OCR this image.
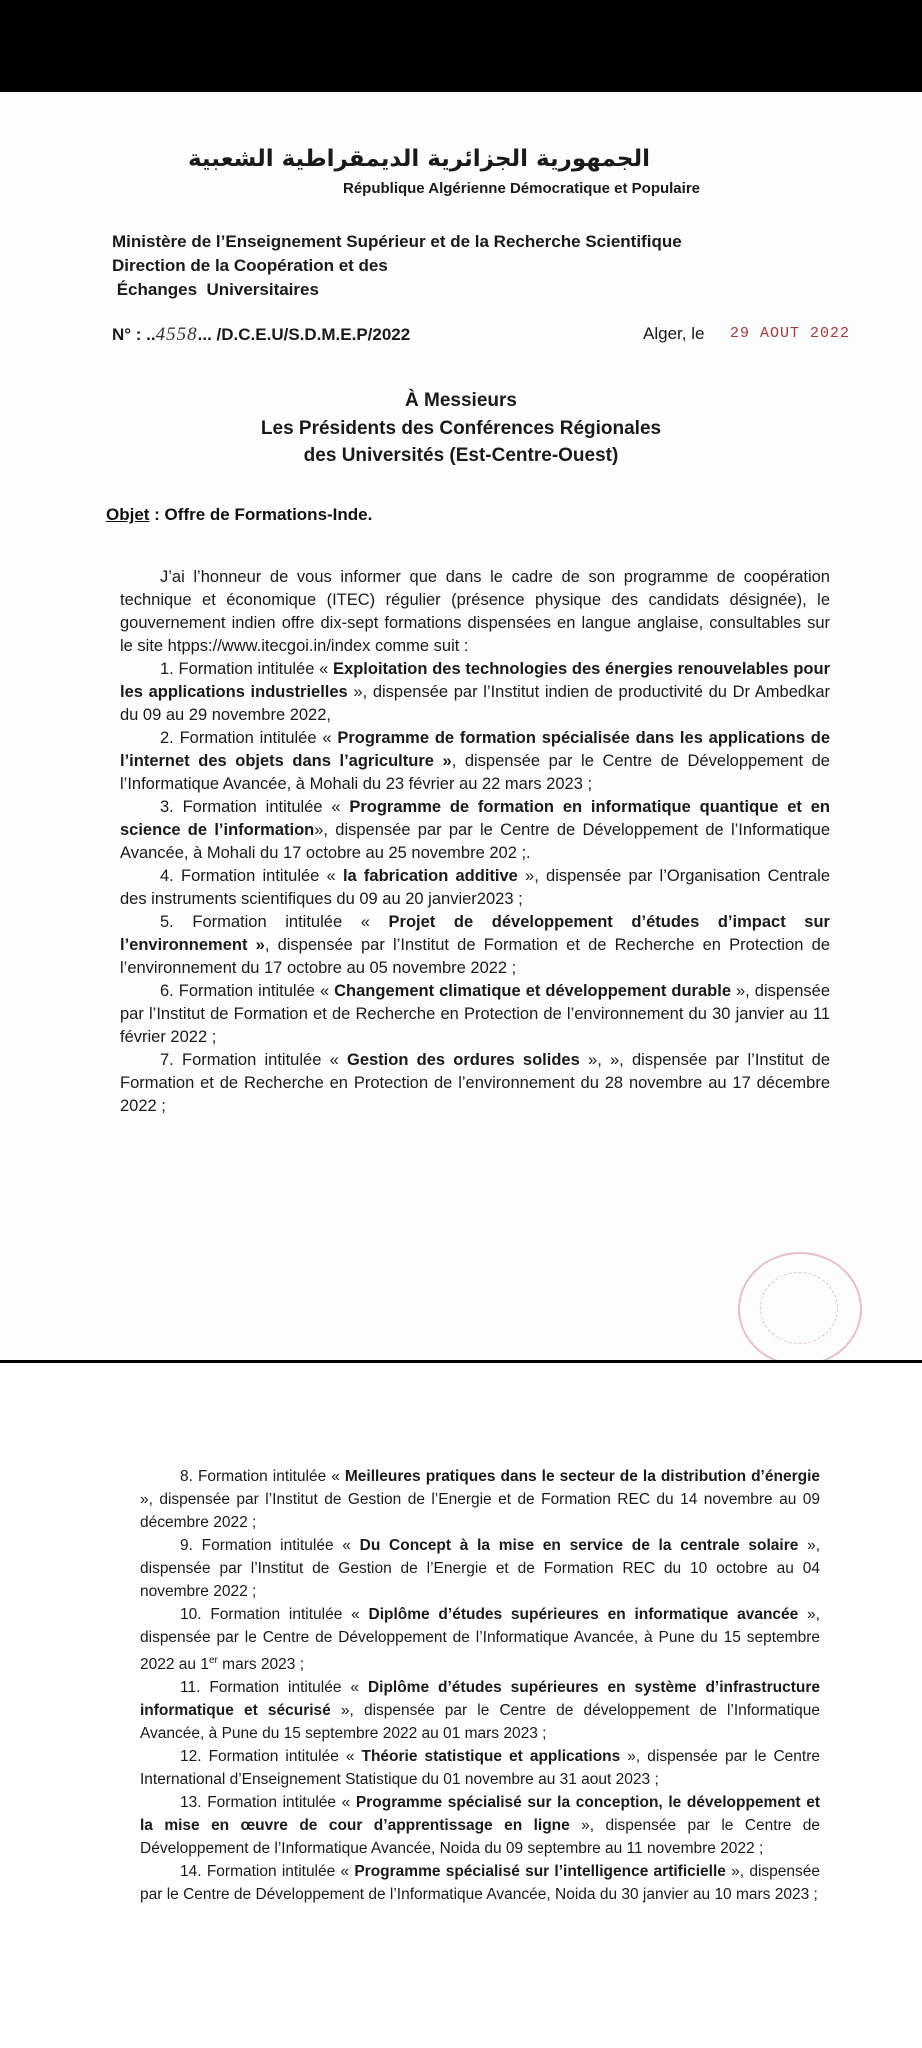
الجمهورية الجزائرية الديمقراطية الشعبية
République Algérienne Démocratique et Populaire
Ministère de l’Enseignement Supérieur et de la Recherche Scientifique
Direction de la Coopération et des
Échanges  Universitaires
N° : ..4558... /D.C.E.U/S.D.M.E.P/2022	Alger, le 29 AOUT 2022
À Messieurs
Les Présidents des Conférences Régionales
des Universités (Est-Centre-Ouest)
Objet : Offre de Formations-Inde.

J’ai l’honneur de vous informer que dans le cadre de son programme de coopération technique et économique (ITEC) régulier (présence physique des candidats désignée), le gouvernement indien offre dix-sept formations dispensées en langue anglaise, consultables sur le site htpps://www.itecgoi.in/index comme suit :

1. Formation intitulée « Exploitation des technologies des énergies renouvelables pour les applications industrielles », dispensée par l’Institut indien de productivité du Dr Ambedkar du 09 au 29 novembre 2022,

2. Formation intitulée « Programme de formation spécialisée dans les applications de l’internet des objets dans l’agriculture », dispensée par le Centre de Développement de l’Informatique Avancée, à Mohali du 23 février au 22 mars 2023 ;

3. Formation intitulée « Programme de formation en informatique quantique et en science de l’information», dispensée par par le Centre de Développement de l’Informatique Avancée, à Mohali du 17 octobre au 25 novembre 202 ;.

4. Formation intitulée « la fabrication additive », dispensée par l’Organisation Centrale des instruments scientifiques du 09 au 20 janvier2023 ;

5. Formation intitulée « Projet de développement d’études d’impact sur l’environnement », dispensée par l’Institut de Formation et de Recherche en Protection de l’environnement du 17 octobre au 05 novembre 2022 ;

6. Formation intitulée « Changement climatique et développement durable », dispensée par l’Institut de Formation et de Recherche en Protection de l’environnement du 30 janvier au 11 février 2022 ;

7. Formation intitulée « Gestion des ordures solides », », dispensée par l’Institut de Formation et de Recherche en Protection de l’environnement du 28 novembre au 17 décembre 2022 ;

8. Formation intitulée « Meilleures pratiques dans le secteur de la distribution d’énergie », dispensée par l’Institut de Gestion de l’Energie et de Formation REC du 14 novembre au 09 décembre 2022 ;

9. Formation intitulée « Du Concept à la mise en service de la centrale solaire », dispensée par l’Institut de Gestion de l’Energie et de Formation REC du 10 octobre au 04 novembre 2022 ;

10. Formation intitulée « Diplôme d’études supérieures en informatique avancée », dispensée par le Centre de Développement de l’Informatique Avancée, à Pune du 15 septembre 2022 au 1er mars 2023 ;

11. Formation intitulée « Diplôme d’études supérieures en système d’infrastructure informatique et sécurisé », dispensée par le Centre de développement de l’Informatique Avancée, à Pune du 15 septembre 2022 au 01 mars 2023 ;

12. Formation intitulée « Théorie statistique et applications », dispensée par le Centre International d’Enseignement Statistique du 01 novembre au 31 aout 2023 ;

13. Formation intitulée « Programme spécialisé sur la conception, le développement et la mise en œuvre de cour d’apprentissage en ligne », dispensée par le Centre de Développement de l’Informatique Avancée, Noida du 09 septembre au 11 novembre 2022 ;

14. Formation intitulée « Programme spécialisé sur l’intelligence artificielle », dispensée par le Centre de Développement de l’Informatique Avancée, Noida du 30 janvier au 10 mars 2023 ;
